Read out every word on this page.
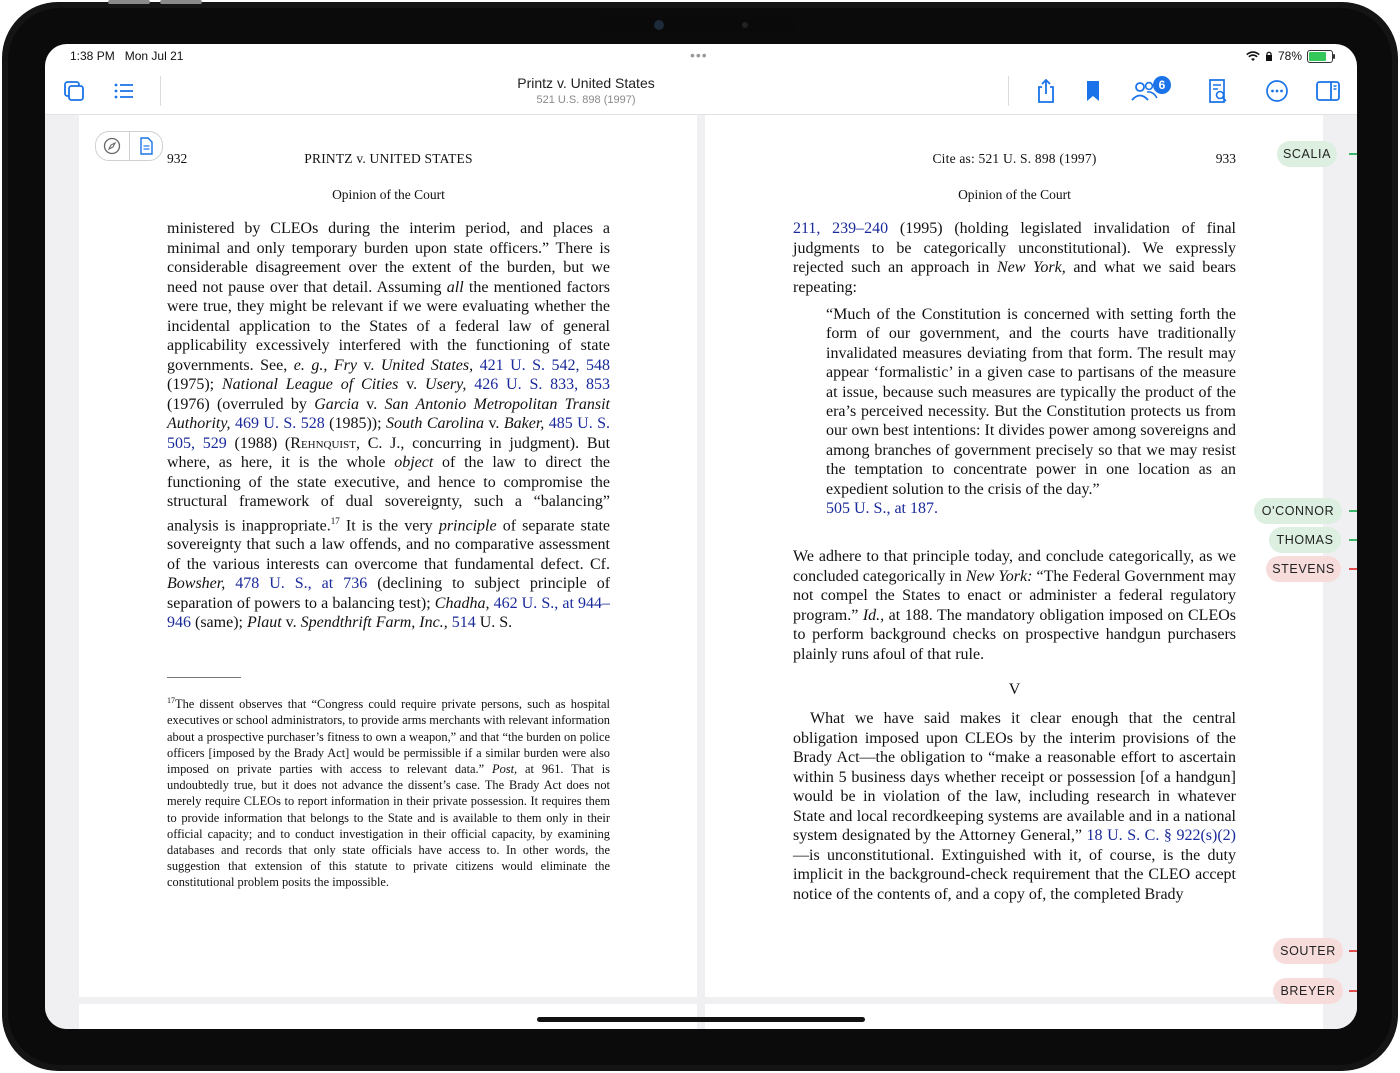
1:38 PM Mon Jul 21	•••	78%
Printz v. United States
521 U.S. 898 (1997)
6
932	PRINTZ v. UNITED STATES
Opinion of the Court
ministered by CLEOs during the interim period, and places a minimal and only temporary burden upon state officers.” There is considerable disagreement over the extent of the burden, but we need not pause over that detail. Assuming all the mentioned factors were true, they might be relevant if we were evaluating whether the incidental application to the States of a federal law of general applicability excessively interfered with the functioning of state governments. See, e. g., Fry v. United States, 421 U. S. 542, 548 (1975); National League of Cities v. Usery, 426 U. S. 833, 853 (1976) (overruled by Garcia v. San Antonio Metropolitan Transit Authority, 469 U. S. 528 (1985)); South Carolina v. Baker, 485 U. S. 505, 529 (1988) (Rehnquist, C. J., concurring in judgment). But where, as here, it is the whole object of the law to direct the functioning of the state executive, and hence to compromise the structural framework of dual sovereignty, such a “balancing” analysis is inappropriate.$^{17}$ It is the very principle of separate state sovereignty that such a law offends, and no comparative assessment of the various interests can overcome that fundamental defect. Cf. Bowsher, 478 U. S., at 736 (declining to subject principle of separation of powers to a balancing test); Chadha, 462 U. S., at 944–946 (same); Plaut v. Spendthrift Farm, Inc., 514 U. S.
$^{17}$The dissent observes that “Congress could require private persons, such as hospital executives or school administrators, to provide arms merchants with relevant information about a prospective purchaser’s fitness to own a weapon,” and that “the burden on police officers [imposed by the Brady Act] would be permissible if a similar burden were also imposed on private parties with access to relevant data.” Post, at 961. That is undoubtedly true, but it does not advance the dissent’s case. The Brady Act does not merely require CLEOs to report information in their private possession. It requires them to provide information that belongs to the State and is available to them only in their official capacity; and to conduct investigation in their official capacity, by examining databases and records that only state officials have access to. In other words, the suggestion that extension of this statute to private citizens would eliminate the constitutional problem posits the impossible.
Cite as: 521 U. S. 898 (1997)	933
Opinion of the Court
211, 239–240 (1995) (holding legislated invalidation of final judgments to be categorically unconstitutional). We expressly rejected such an approach in New York, and what we said bears repeating:
“Much of the Constitution is concerned with setting forth the form of our government, and the courts have traditionally invalidated measures deviating from that form. The result may appear ‘formalistic’ in a given case to partisans of the measure at issue, because such measures are typically the product of the era’s perceived necessity. But the Constitution protects us from our own best intentions: It divides power among sovereigns and among branches of government precisely so that we may resist the temptation to concentrate power in one location as an expedient solution to the crisis of the day.”
505 U. S., at 187.
We adhere to that principle today, and conclude categorically, as we concluded categorically in New York: “The Federal Government may not compel the States to enact or administer a federal regulatory program.” Id., at 188. The mandatory obligation imposed on CLEOs to perform background checks on prospective handgun purchasers plainly runs afoul of that rule.
V
What we have said makes it clear enough that the central obligation imposed upon CLEOs by the interim provisions of the Brady Act—the obligation to “make a reasonable effort to ascertain within 5 business days whether receipt or possession [of a handgun] would be in violation of the law, including research in whatever State and local recordkeeping systems are available and in a national system designated by the Attorney General,” 18 U. S. C. § 922(s)(2)—is unconstitutional. Extinguished with it, of course, is the duty implicit in the background-check requirement that the CLEO accept notice of the contents of, and a copy of, the completed Brady
SCALIA
O'CONNOR
THOMAS
STEVENS
SOUTER
BREYER
